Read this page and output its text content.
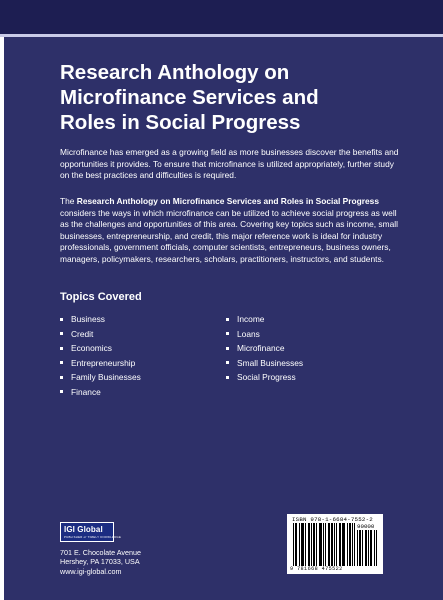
Research Anthology on
Microfinance Services and
Roles in Social Progress

Microfinance has emerged as a growing field as more businesses discover the benefits and opportunities it provides. To ensure that microfinance is utilized appropriately, further study on the best practices and difficulties is required.

The Research Anthology on Microfinance Services and Roles in Social Progress considers the ways in which microfinance can be utilized to achieve social progress as well as the challenges and opportunities of this area. Covering key topics such as income, small businesses, entrepreneurship, and credit, this major reference work is ideal for industry professionals, government officials, computer scientists, entrepreneurs, business owners, managers, policymakers, researchers, scholars, practitioners, instructors, and students.

Topics Covered
Business
Credit
Economics
Entrepreneurship
Family Businesses
Finance
Income
Loans
Microfinance
Small Businesses
Social Progress
IGI Global
PUBLISHER of TIMELY KNOWLEDGE
701 E. Chocolate Avenue
Hershey, PA 17033, USA
www.igi-global.com
ISBN 978-1-6684-7552-2
90000
9 781668 475522
